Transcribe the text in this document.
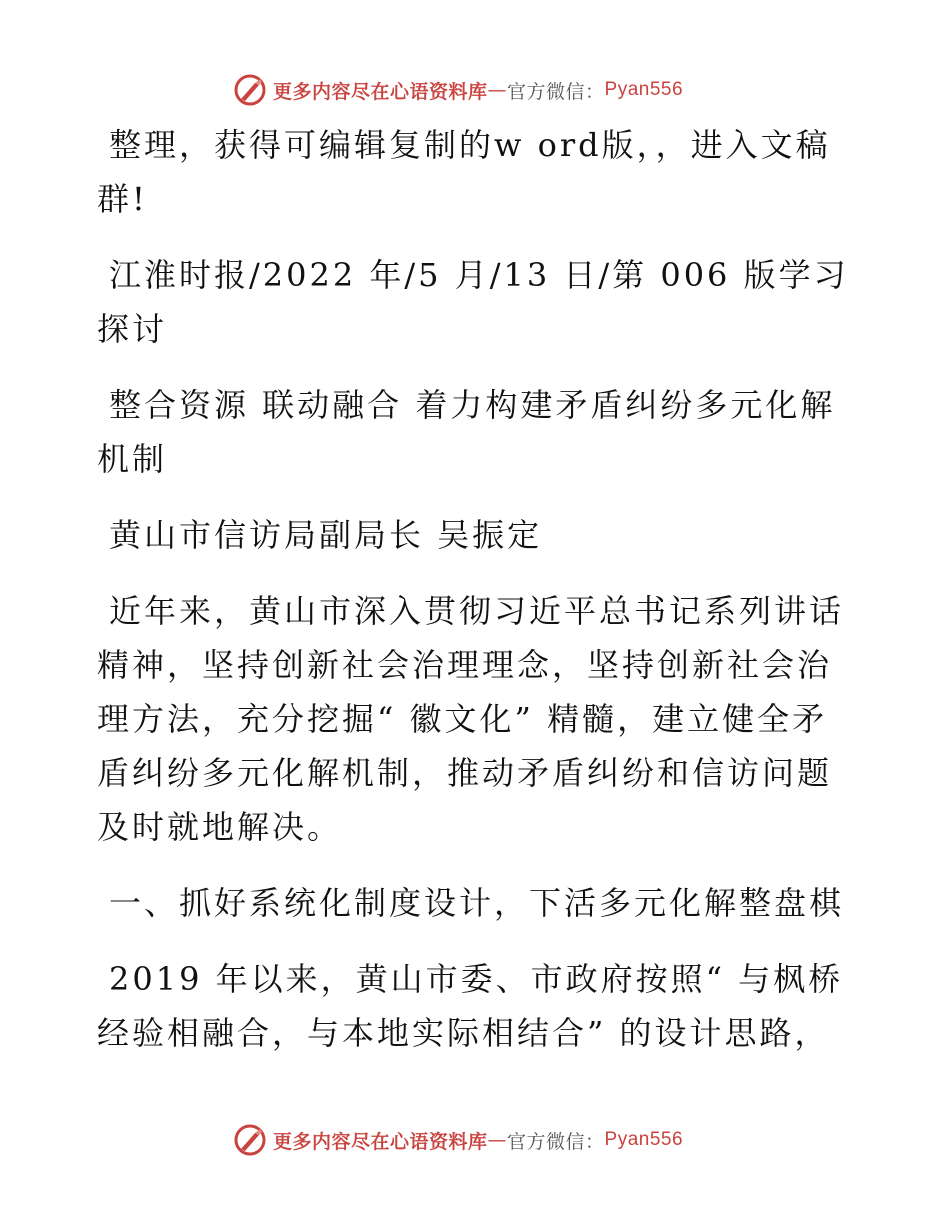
更多内容尽在心语资料库 — 官方微信： Pyan556

整理，获得可编辑复制的w ord版，，进入文稿群!

江淮时报/2022 年/5 月/13 日/第 006 版学习探讨

整合资源 联动融合 着力构建矛盾纠纷多元化解机制

黄山市信访局副局长 吴振定

近年来，黄山市深入贯彻习近平总书记系列讲话精神，坚持创新社会治理理念，坚持创新社会治理方法，充分挖掘“ 徽文化” 精髓，建立健全矛盾纠纷多元化解机制，推动矛盾纠纷和信访问题及时就地解决。

一、抓好系统化制度设计，下活多元化解整盘棋

2019 年以来，黄山市委、市政府按照“ 与枫桥经验相融合，与本地实际相结合” 的设计思路，

更多内容尽在心语资料库 — 官方微信： Pyan556
